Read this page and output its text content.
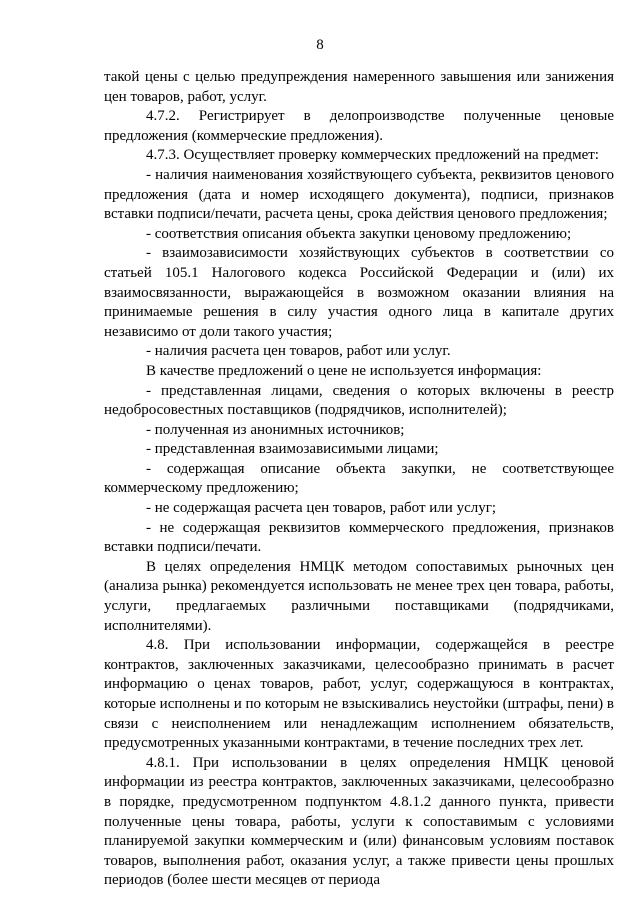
8

такой цены с целью предупреждения намеренного завышения или занижения цен товаров, работ, услуг.

4.7.2. Регистрирует в делопроизводстве полученные ценовые предложения (коммерческие предложения).

4.7.3. Осуществляет проверку коммерческих предложений на предмет:

- наличия наименования хозяйствующего субъекта, реквизитов ценового предложения (дата и номер исходящего документа), подписи, признаков вставки подписи/печати, расчета цены, срока действия ценового предложения;

- соответствия описания объекта закупки ценовому предложению;

- взаимозависимости хозяйствующих субъектов в соответствии со статьей 105.1 Налогового кодекса Российской Федерации и (или) их взаимосвязанности, выражающейся в возможном оказании влияния на принимаемые решения в силу участия одного лица в капитале других независимо от доли такого участия;

- наличия расчета цен товаров, работ или услуг.

В качестве предложений о цене не используется информация:

- представленная лицами, сведения о которых включены в реестр недобросовестных поставщиков (подрядчиков, исполнителей);

- полученная из анонимных источников;

- представленная взаимозависимыми лицами;

- содержащая описание объекта закупки, не соответствующее коммерческому предложению;

- не содержащая расчета цен товаров, работ или услуг;

- не содержащая реквизитов коммерческого предложения, признаков вставки подписи/печати.

В целях определения НМЦК методом сопоставимых рыночных цен (анализа рынка) рекомендуется использовать не менее трех цен товара, работы, услуги, предлагаемых различными поставщиками (подрядчиками, исполнителями).

4.8. При использовании информации, содержащейся в реестре контрактов, заключенных заказчиками, целесообразно принимать в расчет информацию о ценах товаров, работ, услуг, содержащуюся в контрактах, которые исполнены и по которым не взыскивались неустойки (штрафы, пени) в связи с неисполнением или ненадлежащим исполнением обязательств, предусмотренных указанными контрактами, в течение последних трех лет.

4.8.1. При использовании в целях определения НМЦК ценовой информации из реестра контрактов, заключенных заказчиками, целесообразно в порядке, предусмотренном подпунктом 4.8.1.2 данного пункта, привести полученные цены товара, работы, услуги к сопоставимым с условиями планируемой закупки коммерческим и (или) финансовым условиям поставок товаров, выполнения работ, оказания услуг, а также привести цены прошлых периодов (более шести месяцев от периода
